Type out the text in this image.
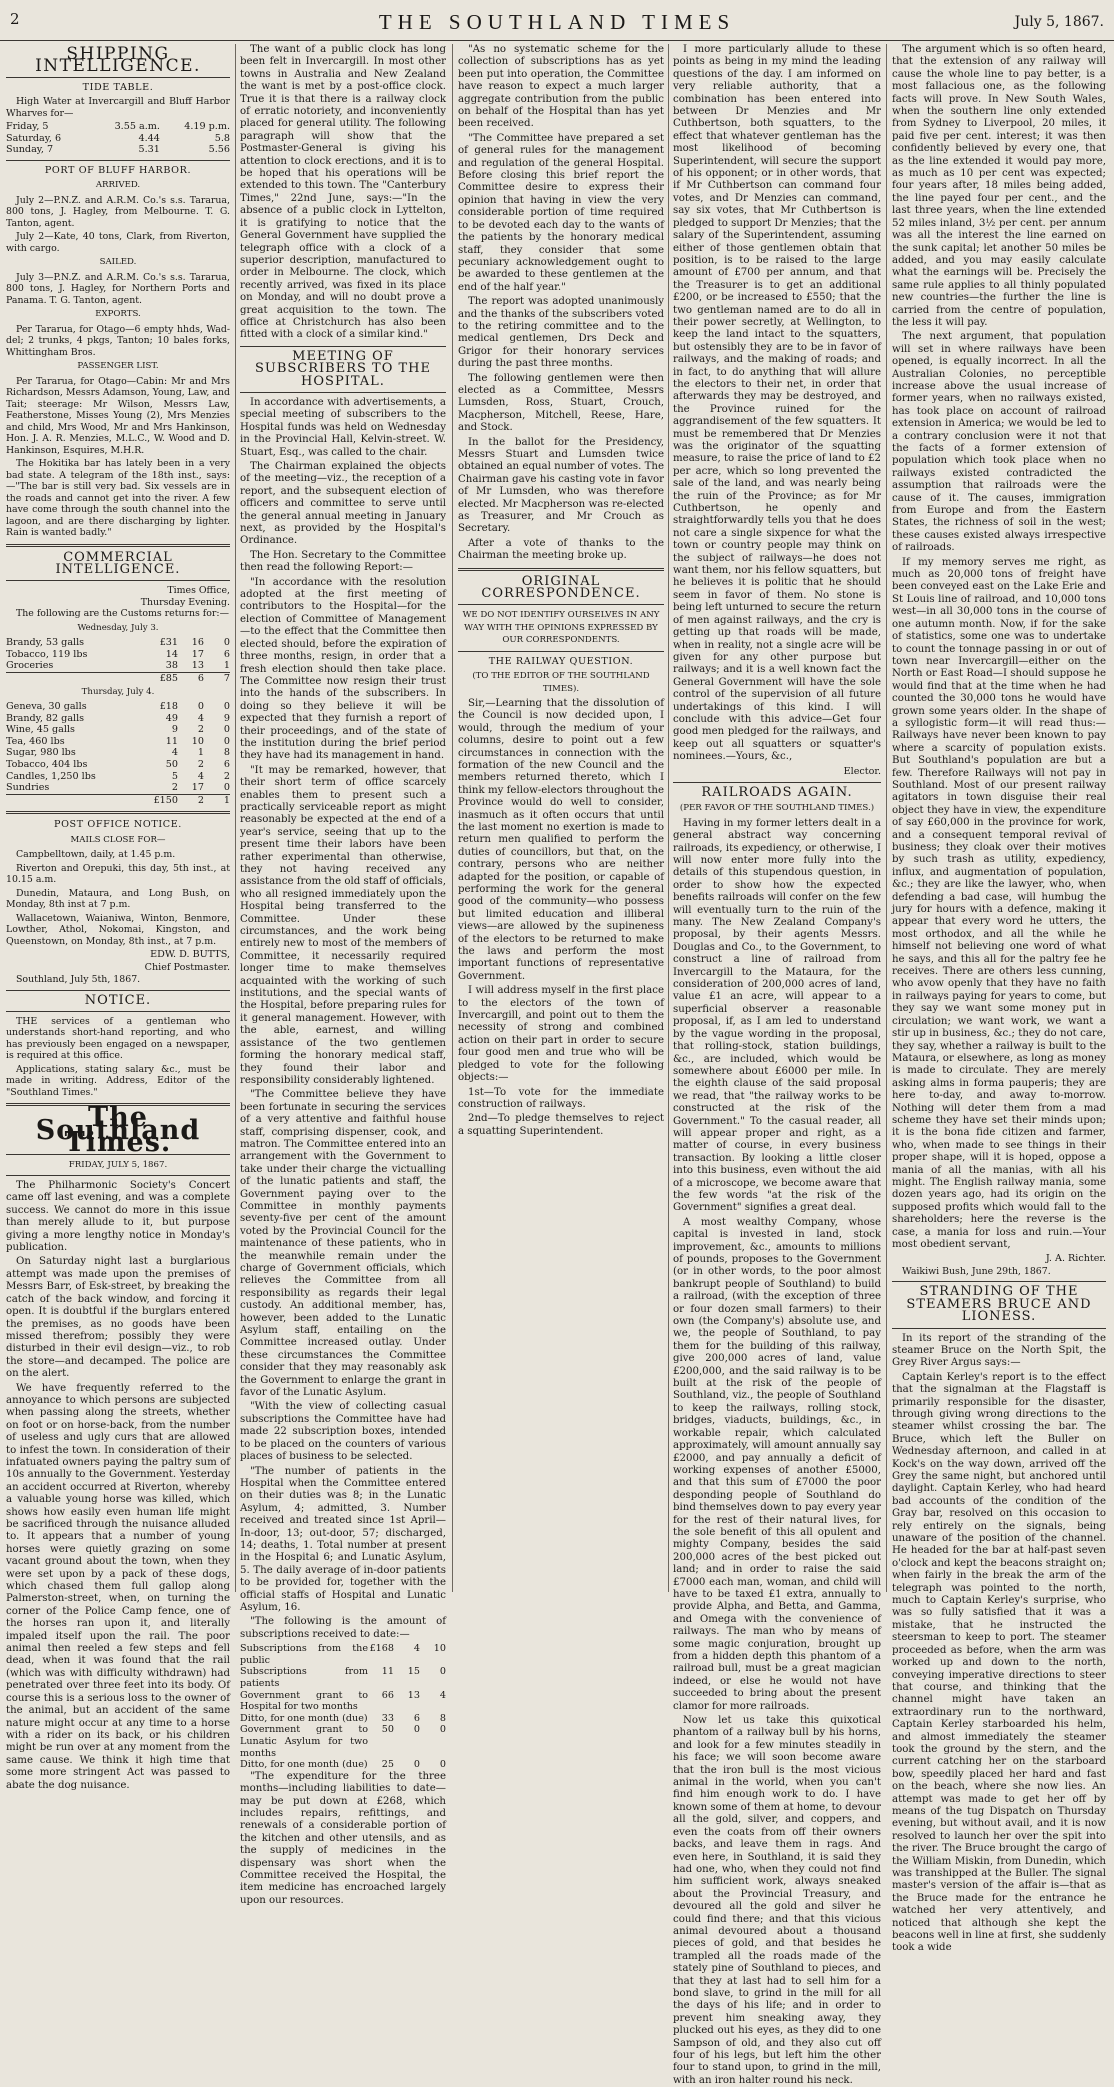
2	THE SOUTHLAND TIMES	July 5, 1867.
SHIPPING INTELLIGENCE.
TIDE TABLE.

High Water at Invercargill and Bluff Harbor Wharves for—

Friday, 5	3.55 a.m.	4.19 p.m.
Saturday, 6	4.44	5.8
Sunday, 7	5.31	5.56
PORT OF BLUFF HARBOR.
ARRIVED.

July 2—P.N.Z. and A.R.M. Co.'s s.s. Tararua, 800 tons, J. Hagley, from Melbourne. T. G. Tanton, agent.

July 2—Kate, 40 tons, Clark, from Riverton, with cargo.

SAILED.

July 3—P.N.Z. and A.R.M. Co.'s s.s. Tararua, 800 tons, J. Hagley, for Northern Ports and Panama. T. G. Tanton, agent.

EXPORTS.

Per Tararua, for Otago—6 empty hhds, Wad-del; 2 trunks, 4 pkgs, Tanton; 10 bales forks, Whittingham Bros.

PASSENGER LIST.

Per Tararua, for Otago—Cabin: Mr and Mrs Richardson, Messrs Adamson, Young, Law, and Tait; steerage: Mr Wilson, Messrs Law, Featherstone, Misses Young (2), Mrs Menzies and child, Mrs Wood, Mr and Mrs Hankinson, Hon. J. A. R. Menzies, M.L.C., W. Wood and D. Hankinson, Esquires, M.H.R.

The Hokitika bar has lately been in a very bad state. A telegram of the 18th inst., says:—"The bar is still very bad. Six vessels are in the roads and cannot get into the river. A few have come through the south channel into the lagoon, and are there discharging by lighter. Rain is wanted badly."

COMMERCIAL INTELLIGENCE.
Times Office,
Thursday Evening.

The following are the Customs returns for:—

Wednesday, July 3.
Brandy, 53 galls	£31	16	0
Tobacco, 119 lbs	14	17	6
Groceries	38	13	1
	£85	6	7
Thursday, July 4.
Geneva, 30 galls	£18	0	0
Brandy, 82 galls	49	4	9
Wine, 45 galls	9	2	0
Tea, 460 lbs	11	10	0
Sugar, 980 lbs	4	1	8
Tobacco, 404 lbs	50	2	6
Candles, 1,250 lbs	5	4	2
Sundries	2	17	0
	£150	2	1
POST OFFICE NOTICE.
MAILS CLOSE FOR—

Campbelltown, daily, at 1.45 p.m.

Riverton and Orepuki, this day, 5th inst., at 10.15 a.m.

Dunedin, Mataura, and Long Bush, on Monday, 8th inst at 7 p.m.

Wallacetown, Waianiwa, Winton, Benmore, Lowther, Athol, Nokomai, Kingston, and Queenstown, on Monday, 8th inst., at 7 p.m.

EDW. D. BUTTS,
Chief Postmaster.

Southland, July 5th, 1867.

NOTICE.

THE services of a gentleman who understands short-hand reporting, and who has previously been engaged on a newspaper, is required at this office.

Applications, stating salary &c., must be made in writing. Address, Editor of the "Southland Times."

The Southland Times.
FRIDAY, JULY 5, 1867.

The Philharmonic Society's Concert came off last evening, and was a complete success. We cannot do more in this issue than merely allude to it, but purpose giving a more lengthy notice in Monday's publication.

On Saturday night last a burglarious attempt was made upon the premises of Messrs Barr, of Esk-street, by breaking the catch of the back window, and forcing it open. It is doubtful if the burglars entered the premises, as no goods have been missed therefrom; possibly they were disturbed in their evil design—viz., to rob the store—and decamped. The police are on the alert.

We have frequently referred to the annoyance to which persons are subjected when passing along the streets, whether on foot or on horse-back, from the number of useless and ugly curs that are allowed to infest the town. In consideration of their infatuated owners paying the paltry sum of 10s annually to the Government. Yesterday an accident occurred at Riverton, whereby a valuable young horse was killed, which shows how easily even human life might be sacrificed through the nuisance alluded to. It appears that a number of young horses were quietly grazing on some vacant ground about the town, when they were set upon by a pack of these dogs, which chased them full gallop along Palmerston-street, when, on turning the corner of the Police Camp fence, one of the horses ran upon it, and literally impaled itself upon the rail. The poor animal then reeled a few steps and fell dead, when it was found that the rail (which was with difficulty withdrawn) had penetrated over three feet into its body. Of course this is a serious loss to the owner of the animal, but an accident of the same nature might occur at any time to a horse with a rider on its back, or his children might be run over at any moment from the same cause. We think it high time that some more stringent Act was passed to abate the dog nuisance.

The want of a public clock has long been felt in Invercargill. In most other towns in Australia and New Zealand the want is met by a post-office clock. True it is that there is a railway clock of erratic notoriety, and inconveniently placed for general utility. The following paragraph will show that the Postmaster-General is giving his attention to clock erections, and it is to be hoped that his operations will be extended to this town. The "Canterbury Times," 22nd June, says:—"In the absence of a public clock in Lyttelton, it is gratifying to notice that the General Government have supplied the telegraph office with a clock of a superior description, manufactured to order in Melbourne. The clock, which recently arrived, was fixed in its place on Monday, and will no doubt prove a great acquisition to the town. The office at Christchurch has also been fitted with a clock of a similar kind."

MEETING OF SUBSCRIBERS TO THE HOSPITAL.

In accordance with advertisements, a special meeting of subscribers to the Hospital funds was held on Wednesday in the Provincial Hall, Kelvin-street. W. Stuart, Esq., was called to the chair.

The Chairman explained the objects of the meeting—viz., the reception of a report, and the subsequent election of officers and committee to serve until the general annual meeting in January next, as provided by the Hospital's Ordinance.

The Hon. Secretary to the Committee then read the following Report:—

"In accordance with the resolution adopted at the first meeting of contributors to the Hospital—for the election of Committee of Management—to the effect that the Committee then elected should, before the expiration of three months, resign, in order that a fresh election should then take place. The Committee now resign their trust into the hands of the subscribers. In doing so they believe it will be expected that they furnish a report of their proceedings, and of the state of the institution during the brief period they have had its management in hand.

"It may be remarked, however, that their short term of office scarcely enables them to present such a practically serviceable report as might reasonably be expected at the end of a year's service, seeing that up to the present time their labors have been rather experimental than otherwise, they not having received any assistance from the old staff of officials, who all resigned immediately upon the Hospital being transferred to the Committee. Under these circumstances, and the work being entirely new to most of the members of Committee, it necessarily required longer time to make themselves acquainted with the working of such institutions, and the special wants of the Hospital, before preparing rules for it general management. However, with the able, earnest, and willing assistance of the two gentlemen forming the honorary medical staff, they found their labor and responsibility considerably lightened.

"The Committee believe they have been fortunate in securing the services of a very attentive and faithful house staff, comprising dispenser, cook, and matron. The Committee entered into an arrangement with the Government to take under their charge the victualling of the lunatic patients and staff, the Government paying over to the Committee in monthly payments seventy-five per cent of the amount voted by the Provincial Council for the maintenance of these patients, who in the meanwhile remain under the charge of Government officials, which relieves the Committee from all responsibility as regards their legal custody. An additional member, has, however, been added to the Lunatic Asylum staff, entailing on the Committee increased outlay. Under these circumstances the Committee consider that they may reasonably ask the Government to enlarge the grant in favor of the Lunatic Asylum.

"With the view of collecting casual subscriptions the Committee have had made 22 subscription boxes, intended to be placed on the counters of various places of business to be selected.

"The number of patients in the Hospital when the Committee entered on their duties was 8; in the Lunatic Asylum, 4; admitted, 3. Number received and treated since 1st April—In-door, 13; out-door, 57; discharged, 14; deaths, 1. Total number at present in the Hospital 6; and Lunatic Asylum, 5. The daily average of in-door patients to be provided for, together with the official staffs of Hospital and Lunatic Asylum, 16.

"The following is the amount of subscriptions received to date:—

Subscriptions from the public	£168	4	10
Subscriptions from patients	11	15	0
Government grant to Hospital for two months	66	13	4
Ditto, for one month (due)	33	6	8
Government grant to Lunatic Asylum for two months	50	0	0
Ditto, for one month (due)	25	0	0

"The expenditure for the three months—including liabilities to date—may be put down at £268, which includes repairs, refittings, and renewals of a considerable portion of the kitchen and other utensils, and as the supply of medicines in the dispensary was short when the Committee received the Hospital, the item medicine has encroached largely upon our resources.

"As no systematic scheme for the collection of subscriptions has as yet been put into operation, the Committee have reason to expect a much larger aggregate contribution from the public on behalf of the Hospital than has yet been received.

"The Committee have prepared a set of general rules for the management and regulation of the general Hospital. Before closing this brief report the Committee desire to express their opinion that having in view the very considerable portion of time required to be devoted each day to the wants of the patients by the honorary medical staff, they consider that some pecuniary acknowledgement ought to be awarded to these gentlemen at the end of the half year."

The report was adopted unanimously and the thanks of the subscribers voted to the retiring committee and to the medical gentlemen, Drs Deck and Grigor for their honorary services during the past three months.

The following gentlemen were then elected as a Committee, Messrs Lumsden, Ross, Stuart, Crouch, Macpherson, Mitchell, Reese, Hare, and Stock.

In the ballot for the Presidency, Messrs Stuart and Lumsden twice obtained an equal number of votes. The Chairman gave his casting vote in favor of Mr Lumsden, who was therefore elected. Mr Macpherson was re-elected as Treasurer, and Mr Crouch as Secretary.

After a vote of thanks to the Chairman the meeting broke up.

ORIGINAL CORRESPONDENCE.
WE DO NOT IDENTIFY OURSELVES IN ANY WAY WITH THE OPINIONS EXPRESSED BY OUR CORRESPONDENTS.
THE RAILWAY QUESTION.
(TO THE EDITOR OF THE SOUTHLAND TIMES).

Sir,—Learning that the dissolution of the Council is now decided upon, I would, through the medium of your columns, desire to point out a few circumstances in connection with the formation of the new Council and the members returned thereto, which I think my fellow-electors throughout the Province would do well to consider, inasmuch as it often occurs that until the last moment no exertion is made to return men qualified to perform the duties of councillors, but that, on the contrary, persons who are neither adapted for the position, or capable of performing the work for the general good of the community—who possess but limited education and illiberal views—are allowed by the supineness of the electors to be returned to make the laws and perform the most important functions of representative Government.

I will address myself in the first place to the electors of the town of Invercargill, and point out to them the necessity of strong and combined action on their part in order to secure four good men and true who will be pledged to vote for the following objects:—

1st—To vote for the immediate construction of railways.

2nd—To pledge themselves to reject a squatting Superintendent.

I more particularly allude to these points as being in my mind the leading questions of the day. I am informed on very reliable authority, that a combination has been entered into between Dr Menzies and Mr Cuthbertson, both squatters, to the effect that whatever gentleman has the most likelihood of becoming Superintendent, will secure the support of his opponent; or in other words, that if Mr Cuthbertson can command four votes, and Dr Menzies can command, say six votes, that Mr Cuthbertson is pledged to support Dr Menzies; that the salary of the Superintendent, assuming either of those gentlemen obtain that position, is to be raised to the large amount of £700 per annum, and that the Treasurer is to get an additional £200, or be increased to £550; that the two gentleman named are to do all in their power secretly, at Wellington, to keep the land intact to the squatters, but ostensibly they are to be in favor of railways, and the making of roads; and in fact, to do anything that will allure the electors to their net, in order that afterwards they may be destroyed, and the Province ruined for the aggrandisement of the few squatters. It must be remembered that Dr Menzies was the originator of the squatting measure, to raise the price of land to £2 per acre, which so long prevented the sale of the land, and was nearly being the ruin of the Province; as for Mr Cuthbertson, he openly and straightforwardly tells you that he does not care a single sixpence for what the town or country people may think on the subject of railways—he does not want them, nor his fellow squatters, but he believes it is politic that he should seem in favor of them. No stone is being left unturned to secure the return of men against railways, and the cry is getting up that roads will be made, when in reality, not a single acre will be given for any other purpose but railways; and it is a well known fact the General Government will have the sole control of the supervision of all future undertakings of this kind. I will conclude with this advice—Get four good men pledged for the railways, and keep out all squatters or squatter's nominees.—Yours, &c.,

Elector.
RAILROADS AGAIN.
(PER FAVOR OF THE SOUTHLAND TIMES.)

Having in my former letters dealt in a general abstract way concerning railroads, its expediency, or otherwise, I will now enter more fully into the details of this stupendous question, in order to show how the expected benefits railroads will confer on the few will eventually turn to the ruin of the many. The New Zealand Company's proposal, by their agents Messrs. Douglas and Co., to the Government, to construct a line of railroad from Invercargill to the Mataura, for the consideration of 200,000 acres of land, value £1 an acre, will appear to a superficial observer a reasonable proposal, if, as I am led to understand by the vague wording in the proposal, that rolling-stock, station buildings, &c., are included, which would be somewhere about £6000 per mile. In the eighth clause of the said proposal we read, that "the railway works to be constructed at the risk of the Government." To the casual reader, all will appear proper and right, as a matter of course, in every business transaction. By looking a little closer into this business, even without the aid of a microscope, we become aware that the few words "at the risk of the Government" signifies a great deal.

A most wealthy Company, whose capital is invested in land, stock improvement, &c., amounts to millions of pounds, proposes to the Government (or in other words, to the poor almost bankrupt people of Southland) to build a railroad, (with the exception of three or four dozen small farmers) to their own (the Company's) absolute use, and we, the people of Southland, to pay them for the building of this railway, give 200,000 acres of land, value £200,000, and the said railway is to be built at the risk of the people of Southland, viz., the people of Southland to keep the railways, rolling stock, bridges, viaducts, buildings, &c., in workable repair, which calculated approximately, will amount annually say £2000, and pay annually a deficit of working expenses of another £5000, and that this sum of £7000 the poor desponding people of Southland do bind themselves down to pay every year for the rest of their natural lives, for the sole benefit of this all opulent and mighty Company, besides the said 200,000 acres of the best picked out land; and in order to raise the said £7000 each man, woman, and child will have to be taxed £1 extra, annually to provide Alpha, and Betta, and Gamma, and Omega with the convenience of railways. The man who by means of some magic conjuration, brought up from a hidden depth this phantom of a railroad bull, must be a great magician indeed, or else he would not have succeeded to bring about the present clamor for more railroads.

Now let us take this quixotical phantom of a railway bull by his horns, and look for a few minutes steadily in his face; we will soon become aware that the iron bull is the most vicious animal in the world, when you can't find him enough work to do. I have known some of them at home, to devour all the gold, silver, and coppers, and even the coats from off their owners backs, and leave them in rags. And even here, in Southland, it is said they had one, who, when they could not find him sufficient work, always sneaked about the Provincial Treasury, and devoured all the gold and silver he could find there; and that this vicious animal devoured about a thousand pieces of gold, and that besides he trampled all the roads made of the stately pine of Southland to pieces, and that they at last had to sell him for a bond slave, to grind in the mill for all the days of his life; and in order to prevent him sneaking away, they plucked out his eyes, as they did to one Sampson of old, and they also cut off four of his legs, but left him the other four to stand upon, to grind in the mill, with an iron halter round his neck.

The argument which is so often heard, that the extension of any railway will cause the whole line to pay better, is a most fallacious one, as the following facts will prove. In New South Wales, when the southern line only extended from Sydney to Liverpool, 20 miles, it paid five per cent. interest; it was then confidently believed by every one, that as the line extended it would pay more, as much as 10 per cent was expected; four years after, 18 miles being added, the line payed four per cent., and the last three years, when the line extended 52 miles inland, 3½ per cent. per annum was all the interest the line earned on the sunk capital; let another 50 miles be added, and you may easily calculate what the earnings will be. Precisely the same rule applies to all thinly populated new countries—the further the line is carried from the centre of population, the less it will pay.

The next argument, that population will set in where railways have been opened, is equally incorrect. In all the Australian Colonies, no perceptible increase above the usual increase of former years, when no railways existed, has took place on account of railroad extension in America; we would be led to a contrary conclusion were it not that the facts of a former extension of population which took place when no railways existed contradicted the assumption that railroads were the cause of it. The causes, immigration from Europe and from the Eastern States, the richness of soil in the west; these causes existed always irrespective of railroads.

If my memory serves me right, as much as 20,000 tons of freight have been conveyed east on the Lake Erie and St Louis line of railroad, and 10,000 tons west—in all 30,000 tons in the course of one autumn month. Now, if for the sake of statistics, some one was to undertake to count the tonnage passing in or out of town near Invercargill—either on the North or East Road—I should suppose he would find that at the time when he had counted the 30,000 tons he would have grown some years older. In the shape of a syllogistic form—it will read thus:—Railways have never been known to pay where a scarcity of population exists. But Southland's population are but a few. Therefore Railways will not pay in Southland. Most of our present railway agitators in town disguise their real object they have in view, the expenditure of say £60,000 in the province for work, and a consequent temporal revival of business; they cloak over their motives by such trash as utility, expediency, influx, and augmentation of population, &c.; they are like the lawyer, who, when defending a bad case, will humbug the jury for hours with a defence, making it appear that every word he utters, the most orthodox, and all the while he himself not believing one word of what he says, and this all for the paltry fee he receives. There are others less cunning, who avow openly that they have no faith in railways paying for years to come, but they say we want some money put in circulation; we want work, we want a stir up in business, &c.; they do not care, they say, whether a railway is built to the Mataura, or elsewhere, as long as money is made to circulate. They are merely asking alms in forma pauperis; they are here to-day, and away to-morrow. Nothing will deter them from a mad scheme they have set their minds upon; it is the bona fide citizen and farmer, who, when made to see things in their proper shape, will it is hoped, oppose a mania of all the manias, with all his might. The English railway mania, some dozen years ago, had its origin on the supposed profits which would fall to the shareholders; here the reverse is the case, a mania for loss and ruin.—Your most obedient servant,

J. A. Richter.

Waikiwi Bush, June 29th, 1867.

STRANDING OF THE STEAMERS BRUCE AND LIONESS.

In its report of the stranding of the steamer Bruce on the North Spit, the Grey River Argus says:—

Captain Kerley's report is to the effect that the signalman at the Flagstaff is primarily responsible for the disaster, through giving wrong directions to the steamer whilst crossing the bar. The Bruce, which left the Buller on Wednesday afternoon, and called in at Kock's on the way down, arrived off the Grey the same night, but anchored until daylight. Captain Kerley, who had heard bad accounts of the condition of the Gray bar, resolved on this occasion to rely entirely on the signals, being unaware of the position of the channel. He headed for the bar at half-past seven o'clock and kept the beacons straight on; when fairly in the break the arm of the telegraph was pointed to the north, much to Captain Kerley's surprise, who was so fully satisfied that it was a mistake, that he instructed the steersman to keep to port. The steamer proceeded as before, when the arm was worked up and down to the north, conveying imperative directions to steer that course, and thinking that the channel might have taken an extraordinary run to the northward, Captain Kerley starboarded his helm, and almost immediately the steamer took the ground by the stern, and the current catching her on the starboard bow, speedily placed her hard and fast on the beach, where she now lies. An attempt was made to get her off by means of the tug Dispatch on Thursday evening, but without avail, and it is now resolved to launch her over the spit into the river. The Bruce brought the cargo of the William Miskin, from Dunedin, which was transhipped at the Buller. The signal master's version of the affair is—that as the Bruce made for the entrance he watched her very attentively, and noticed that although she kept the beacons well in line at first, she suddenly took a wide
